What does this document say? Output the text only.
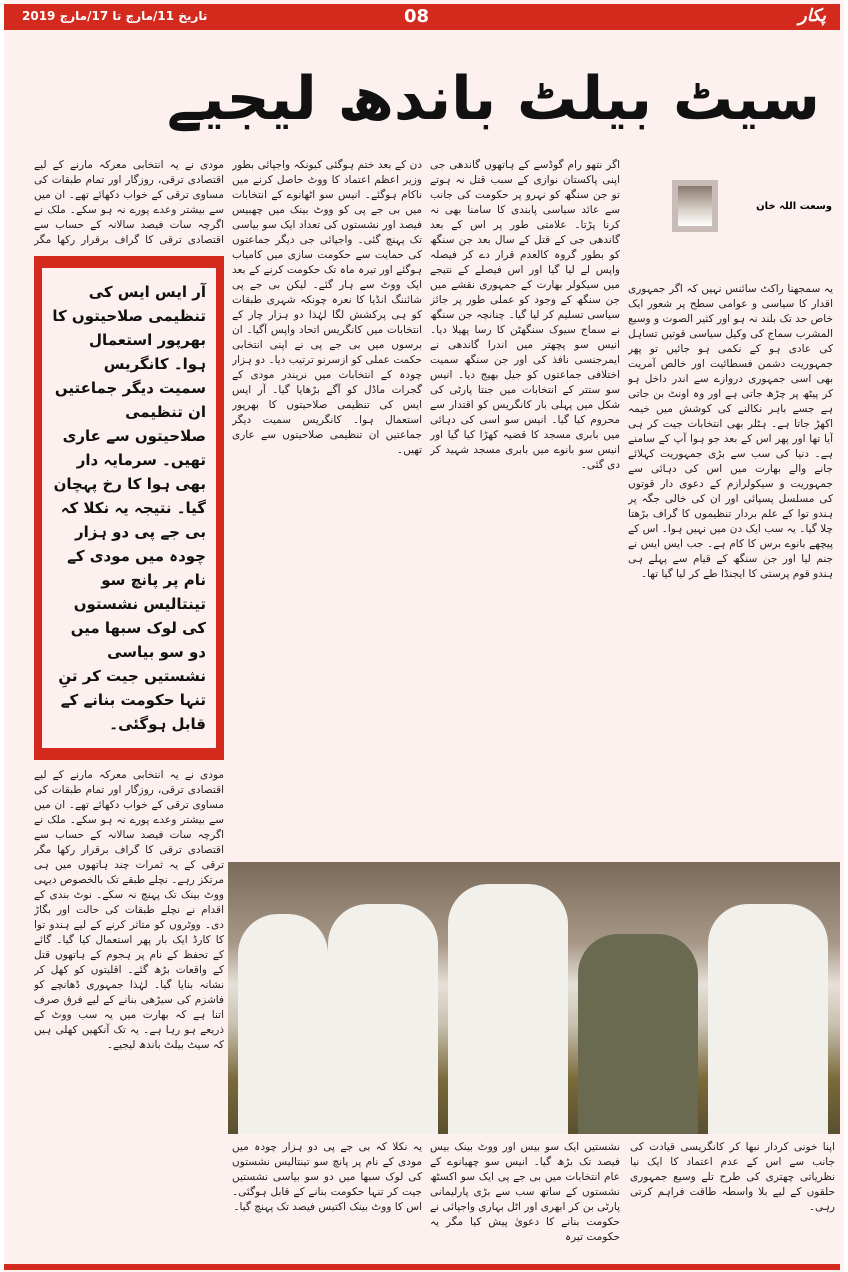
تاریخ 11/مارچ تا 17/مارچ 2019	08	پکار
سیٹ بیلٹ باندھ لیجیے
وسعت اللہ خان
یہ سمجھنا راکٹ سائنس نہیں کہ اگر جمہوری اقدار کا سیاسی و عوامی سطح پر شعور ایک خاص حد تک بلند نہ ہو اور کثیر الصوت و وسیع المشرب سماج کی وکیل سیاسی قوتیں تساہل کی عادی ہو کے نکمی ہو جائیں تو پھر جمہوریت دشمن فسطائیت اور خالص آمریت بھی اسی جمہوری دروازے سے اندر داخل ہو کر پیٹھ پر چڑھ جاتی ہے اور وہ اونٹ بن جاتی ہے جسے باہر نکالنے کی کوشش میں خیمہ اکھڑ جاتا ہے۔ ہٹلر بھی انتخابات جیت کر ہی آیا تھا اور پھر اس کے بعد جو ہوا آپ کے سامنے ہے۔ دنیا کی سب سے بڑی جمہوریت کہلائے جانے والے بھارت میں اس کی دہائی سے جمہوریت و سیکولرازم کے دعوی دار قوتوں کی مسلسل پسپائی اور ان کی خالی جگہ پر ہندو توا کے علم بردار تنظیموں کا گراف بڑھتا چلا گیا۔ یہ سب ایک دن میں نہیں ہوا۔ اس کے پیچھے بانوے برس کا کام ہے۔ جب ایس ایس نے جنم لیا اور جن سنگھ کے قیام سے پہلے ہی ہندو قوم پرستی کا ایجنڈا طے کر لیا گیا تھا۔
اگر نتھو رام گوڈسے کے ہاتھوں گاندھی جی اپنی پاکستان نوازی کے سبب قتل نہ ہوتے تو جن سنگھ کو نہرو پر حکومت کی جانب سے عائد سیاسی پابندی کا سامنا بھی نہ کرنا پڑتا۔ علامتی طور پر اس کے بعد گاندھی جی کے قتل کے سال بعد جن سنگھ کو بطور گروہ کالعدم قرار دے کر فیصلہ واپس لے لیا گیا اور اس فیصلے کے نتیجے میں سیکولر بھارت کے جمہوری نقشے میں جن سنگھ کے وجود کو عملی طور پر جائز سیاسی تسلیم کر لیا گیا۔ چنانچہ جن سنگھ نے سماج سیوک سنگھٹن کا رسا پھیلا دیا۔ انیس سو پچھتر میں اندرا گاندھی نے ایمرجنسی نافذ کی اور جن سنگھ سمیت اختلافی جماعتوں کو جیل بھیج دیا۔ انیس سو ستتر کے انتخابات میں جنتا پارٹی کی شکل میں پہلی بار کانگریس کو اقتدار سے محروم کیا گیا۔ انیس سو اسی کی دہائی میں بابری مسجد کا قضیہ کھڑا کیا گیا اور انیس سو بانوے میں بابری مسجد شہید کر دی گئی۔
دن کے بعد ختم ہوگئی کیونکہ واجپائی بطور وزیر اعظم اعتماد کا ووٹ حاصل کرنے میں ناکام ہوگئے۔ انیس سو اٹھانوے کے انتخابات میں بی جے پی کو ووٹ بینک میں چھبیس فیصد اور نشستوں کی تعداد ایک سو بیاسی تک پہنچ گئی۔ واجپائی جی دیگر جماعتوں کی حمایت سے حکومت سازی میں کامیاب ہوگئے اور تیرہ ماہ تک حکومت کرنے کے بعد ایک ووٹ سے ہار گئے۔ لیکن بی جے پی شائننگ انڈیا کا نعرہ چونکہ شہری طبقات کو ہی پرکشش لگا لہٰذا دو ہزار چار کے انتخابات میں کانگریس اتحاد واپس آگیا۔ ان برسوں میں بی جے پی نے اپنی انتخابی حکمت عملی کو ازسرنو ترتیب دیا۔ دو ہزار چودہ کے انتخابات میں نریندر مودی کے گجرات ماڈل کو آگے بڑھایا گیا۔ آر ایس ایس کی تنظیمی صلاحیتوں کا بھرپور استعمال ہوا۔ کانگریس سمیت دیگر جماعتیں ان تنظیمی صلاحیتوں سے عاری تھیں۔
مودی نے یہ انتخابی معرکہ مارنے کے لیے اقتصادی ترقی، روزگار اور تمام طبقات کی مساوی ترقی کے خواب دکھائے تھے۔ ان میں سے بیشتر وعدے پورے نہ ہو سکے۔ ملک نے اگرچہ سات فیصد سالانہ کے حساب سے اقتصادی ترقی کا گراف برقرار رکھا مگر
آر ایس ایس کی تنظیمی صلاحیتوں کا بھرپور استعمال ہوا۔ کانگریس سمیت دیگر جماعتیں ان تنظیمی صلاحیتوں سے عاری تھیں۔ سرمایہ دار بھی ہوا کا رخ پہچان گیا۔ نتیجہ یہ نکلا کہ بی جے پی دو ہزار چودہ میں مودی کے نام پر پانچ سو تینتالیس نشستوں کی لوک سبھا میں دو سو بیاسی نشستیں جیت کر تنِ تنہا حکومت بنانے کے قابل ہوگئی۔
مودی نے یہ انتخابی معرکہ مارنے کے لیے اقتصادی ترقی، روزگار اور تمام طبقات کی مساوی ترقی کے خواب دکھائے تھے۔ ان میں سے بیشتر وعدے پورے نہ ہو سکے۔ ملک نے اگرچہ سات فیصد سالانہ کے حساب سے اقتصادی ترقی کا گراف برقرار رکھا مگر ترقی کے یہ ثمرات چند ہاتھوں میں ہی مرتکز رہے۔ نچلے طبقے تک بالخصوص دیہی ووٹ بینک تک پہنچ نہ سکے۔ نوٹ بندی کے اقدام نے نچلے طبقات کی حالت اور بگاڑ دی۔ ووٹروں کو متاثر کرنے کے لیے ہندو توا کا کارڈ ایک بار پھر استعمال کیا گیا۔ گائے کے تحفظ کے نام پر ہجوم کے ہاتھوں قتل کے واقعات بڑھ گئے۔ اقلیتوں کو کھل کر نشانہ بنایا گیا۔ لہٰذا جمہوری ڈھانچے کو فاشزم کی سیڑھی بنانے کے لیے فرق صرف اتنا ہے کہ بھارت میں یہ سب ووٹ کے ذریعے ہو رہا ہے۔ یہ تک آنکھیں کھلی ہیں کہ سیٹ بیلٹ باندھ لیجیے۔
اپنا خونی کردار نبھا کر کانگریسی قیادت کی جانب سے اس کے عدم اعتماد کا ایک نیا نظریاتی چھتری کی طرح تلے وسیع جمہوری حلقوں کے لیے بلا واسطہ طاقت فراہم کرتی رہی۔
نشستیں ایک سو بیس اور ووٹ بینک بیس فیصد تک بڑھ گیا۔ انیس سو چھیانوے کے عام انتخابات میں بی جے پی ایک سو اکسٹھ نشستوں کے ساتھ سب سے بڑی پارلیمانی پارٹی بن کر ابھری اور اٹل بہاری واجپائی نے حکومت بنانے کا دعویٰ پیش کیا مگر یہ حکومت تیرہ
یہ نکلا کہ بی جے پی دو ہزار چودہ میں مودی کے نام پر پانچ سو تینتالیس نشستوں کی لوک سبھا میں دو سو بیاسی نشستیں جیت کر تنہا حکومت بنانے کے قابل ہوگئی۔ اس کا ووٹ بینک اکتیس فیصد تک پہنچ گیا۔
